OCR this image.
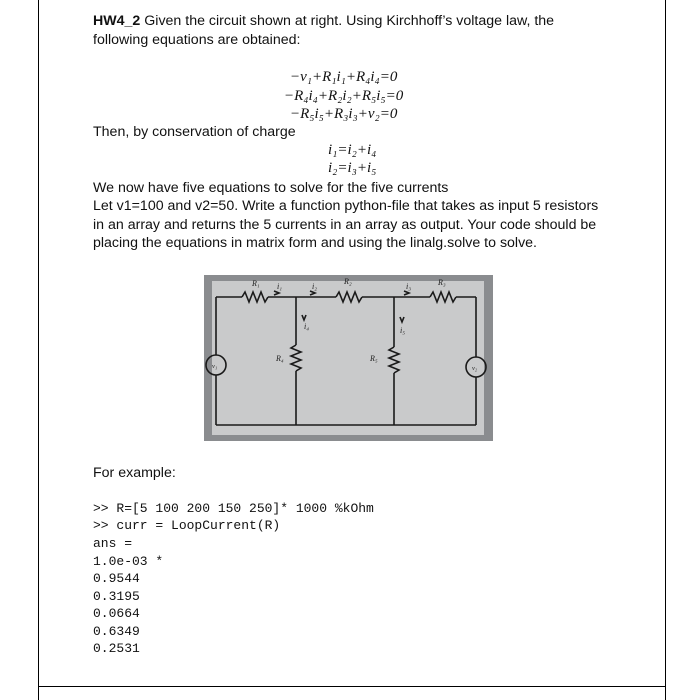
HW4_2 Given the circuit shown at right. Using Kirchhoff’s voltage law, the

following equations are obtained:

−v₁+R₁i₁+R₄i₄=0
−R₄i₄+R₂i₂+R₅i₅=0
−R₅i₅+R₃i₃+v₂=0

Then, by conservation of charge

i₁=i₂+i₄
i₂=i₃+i₅

We now have five equations to solve for the five currents

Let v1=100 and v2=50. Write a function python-file that takes as input 5 resistors

in an array and returns the 5 currents in an array as output. Your code should be

placing the equations in matrix form and using the linalg.solve to solve.

R₁	R₂	R₃
R₄	R₅
i₁	i₂	i₃
i₄	i₅
v₁	v₂

For example:

>> R=[5 100 200 150 250]* 1000 %kOhm
>> curr = LoopCurrent(R)
ans =
1.0e-03 *
0.9544
0.3195
0.0664
0.6349
0.2531
